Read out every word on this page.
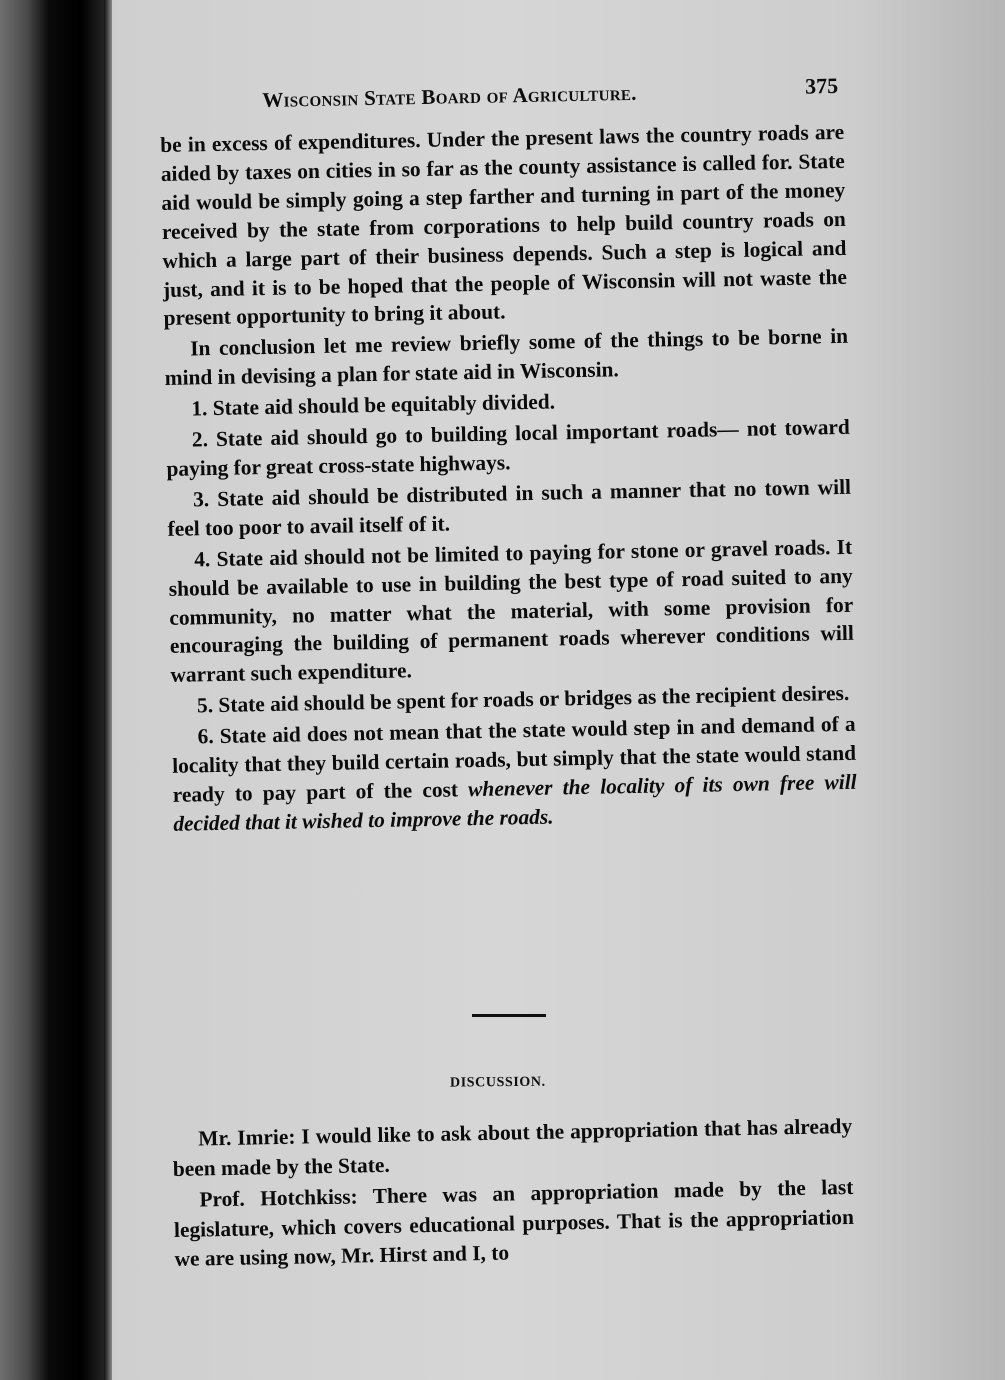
Wisconsin State Board of Agriculture.	375

be in excess of expenditures. Under the present laws the country roads are aided by taxes on cities in so far as the county assistance is called for. State aid would be simply going a step farther and turning in part of the money received by the state from corporations to help build country roads on which a large part of their business depends. Such a step is logical and just, and it is to be hoped that the people of Wisconsin will not waste the present opportunity to bring it about.

In conclusion let me review briefly some of the things to be borne in mind in devising a plan for state aid in Wisconsin.

1. State aid should be equitably divided.

2. State aid should go to building local important roads— not toward paying for great cross-state highways.

3. State aid should be distributed in such a manner that no town will feel too poor to avail itself of it.

4. State aid should not be limited to paying for stone or gravel roads. It should be available to use in building the best type of road suited to any community, no matter what the material, with some provision for encouraging the building of permanent roads wherever conditions will warrant such expenditure.

5. State aid should be spent for roads or bridges as the recipient desires.

6. State aid does not mean that the state would step in and demand of a locality that they build certain roads, but simply that the state would stand ready to pay part of the cost whenever the locality of its own free will decided that it wished to improve the roads.

DISCUSSION.

Mr. Imrie: I would like to ask about the appropriation that has already been made by the State.

Prof. Hotchkiss: There was an appropriation made by the last legislature, which covers educational purposes. That is the appropriation we are using now, Mr. Hirst and I, to
